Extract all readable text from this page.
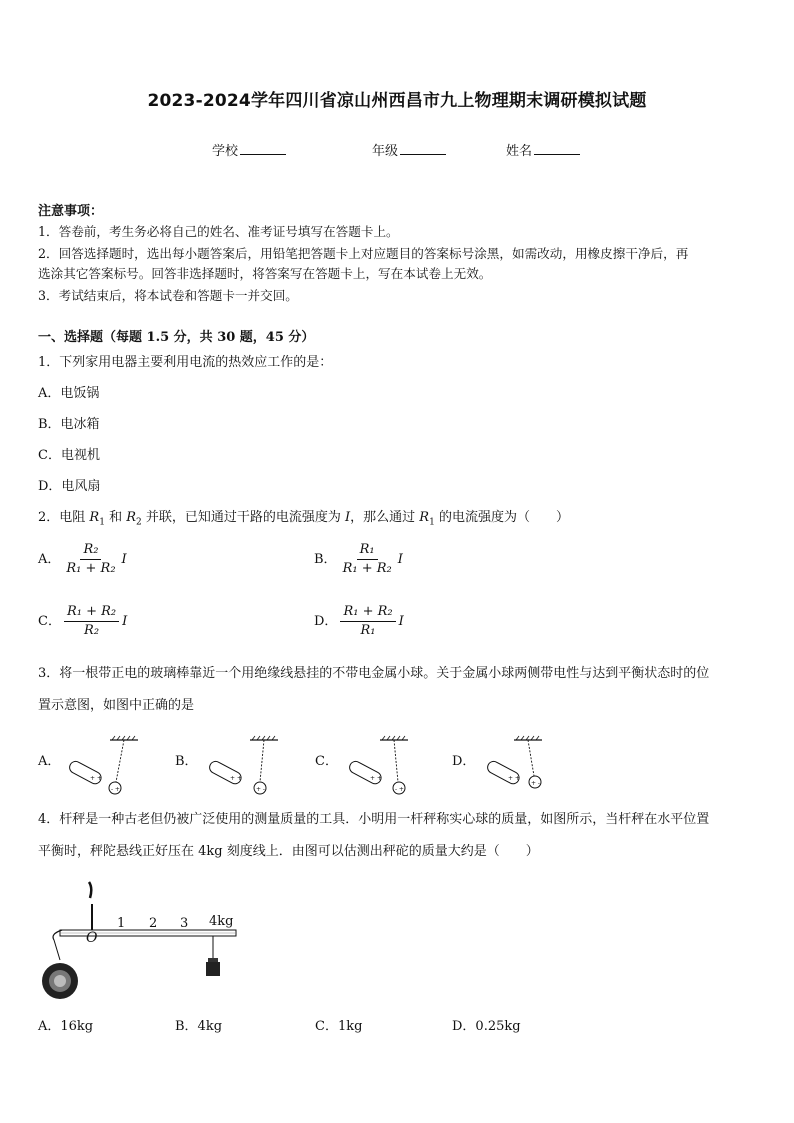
2023-2024学年四川省凉山州西昌市九上物理期末调研模拟试题
学校	年级	姓名
注意事项：
1．答卷前，考生务必将自己的姓名、准考证号填写在答题卡上。
2．回答选择题时，选出每小题答案后，用铅笔把答题卡上对应题目的答案标号涂黑，如需改动，用橡皮擦干净后，再
选涂其它答案标号。回答非选择题时，将答案写在答题卡上，写在本试卷上无效。
3．考试结束后，将本试卷和答题卡一并交回。
一、选择题（每题 1.5 分，共 30 题，45 分）
1．下列家用电器主要利用电流的热效应工作的是：
A．电饭锅
B．电冰箱
C．电视机
D．电风扇
2．电阻 $R_1$ 和 $R_2$ 并联，已知通过干路的电流强度为 I，那么通过 $R_1$ 的电流强度为（　　）
A． $\frac{\text{R₂}}{\text{R₁ + R₂}}$ I	B． $\frac{\text{R₁}}{\text{R₁ + R₂}}$ I
C． $\frac{\text{R₁ + R₂}}{\text{R₂}}$ I	D． $\frac{\text{R₁ + R₂}}{\text{R₁}}$ I
3．将一根带正电的玻璃棒靠近一个用绝缘线悬挂的不带电金属小球。关于金属小球两侧带电性与达到平衡状态时的位
置示意图，如图中正确的是
A．	B．	C．	D．
+ +
- +
+ +
+ -
+ +
- +
+ +
+ -
4．杆秤是一种古老但仍被广泛使用的测量质量的工具．小明用一杆秤称实心球的质量，如图所示，当杆秤在水平位置
平衡时，秤陀悬线正好压在 4kg 刻度线上．由图可以估测出秤砣的质量大约是（　　）
O
1 2 3 4kg
A．16kg	B．4kg	C．1kg	D．0.25kg
